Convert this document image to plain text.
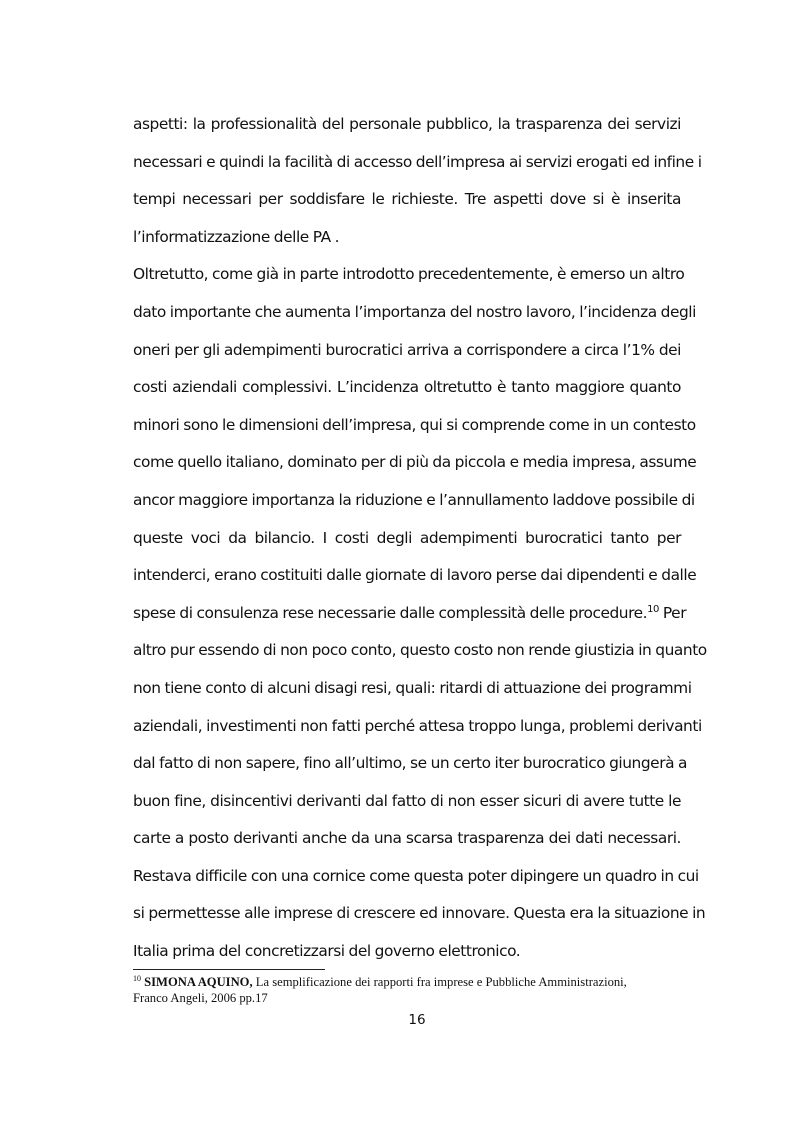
aspetti: la professionalità del personale pubblico, la trasparenza dei servizi
necessari e quindi la facilità di accesso dell’impresa ai servizi erogati ed infine i
tempi necessari per soddisfare le richieste. Tre aspetti dove si è inserita
l’informatizzazione delle PA .
Oltretutto, come già in parte introdotto precedentemente, è emerso un altro
dato importante che aumenta l’importanza del nostro lavoro, l’incidenza degli
oneri per gli adempimenti burocratici arriva a corrispondere a circa l’1% dei
costi aziendali complessivi. L’incidenza oltretutto è tanto maggiore quanto
minori sono le dimensioni dell’impresa, qui si comprende come in un contesto
come quello italiano, dominato per di più da piccola e media impresa, assume
ancor maggiore importanza la riduzione e l’annullamento laddove possibile di
queste voci da bilancio. I costi degli adempimenti burocratici tanto per
intenderci, erano costituiti dalle giornate di lavoro perse dai dipendenti e dalle
spese di consulenza rese necessarie dalle complessità delle procedure.$^{10}$ Per
altro pur essendo di non poco conto, questo costo non rende giustizia in quanto
non tiene conto di alcuni disagi resi, quali: ritardi di attuazione dei programmi
aziendali, investimenti non fatti perché attesa troppo lunga, problemi derivanti
dal fatto di non sapere, fino all’ultimo, se un certo iter burocratico giungerà a
buon fine, disincentivi derivanti dal fatto di non esser sicuri di avere tutte le
carte a posto derivanti anche da una scarsa trasparenza dei dati necessari.
Restava difficile con una cornice come questa poter dipingere un quadro in cui
si permettesse alle imprese di crescere ed innovare. Questa era la situazione in
Italia prima del concretizzarsi del governo elettronico.
$^{10}$ SIMONA AQUINO, La semplificazione dei rapporti fra imprese e Pubbliche Amministrazioni,
Franco Angeli, 2006 pp.17
16
